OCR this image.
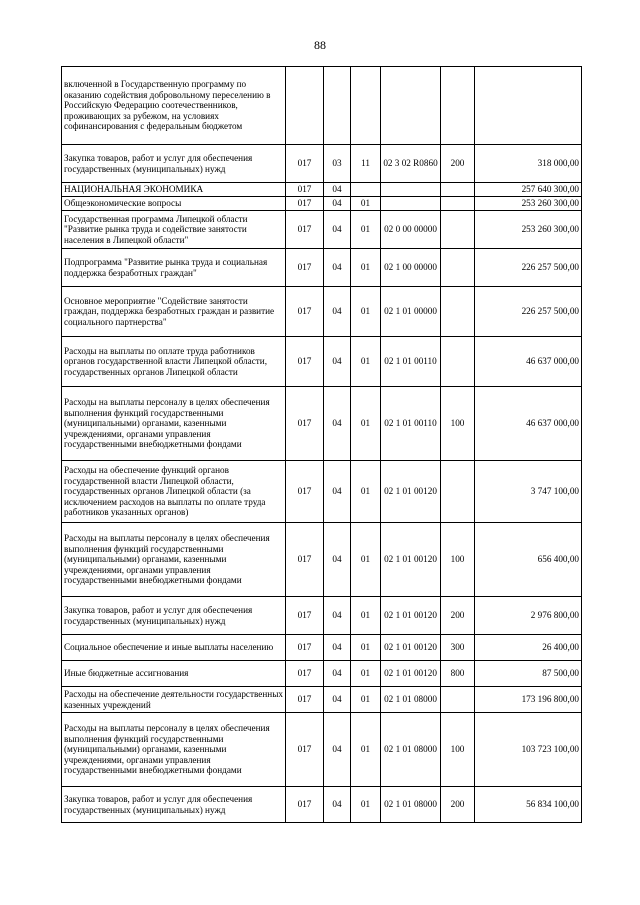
88
включенной в Государственную программу по оказанию содействия добровольному переселению в Российскую Федерацию соотечественников, проживающих за рубежом, на условиях софинансирования с федеральным бюджетом						
Закупка товаров, работ и услуг для обеспечения государственных (муниципальных) нужд	017	03	11	02 3 02 R0860	200	318 000,00
НАЦИОНАЛЬНАЯ ЭКОНОМИКА	017	04				257 640 300,00
Общеэкономические вопросы	017	04	01			253 260 300,00
Государственная программа Липецкой области "Развитие рынка труда и содействие занятости населения в Липецкой области"	017	04	01	02 0 00 00000		253 260 300,00
Подпрограмма "Развитие рынка труда и социальная поддержка безработных граждан"	017	04	01	02 1 00 00000		226 257 500,00
Основное мероприятие "Содействие занятости граждан, поддержка безработных граждан и развитие социального партнерства"	017	04	01	02 1 01 00000		226 257 500,00
Расходы на выплаты по оплате труда работников органов государственной власти Липецкой области, государственных органов Липецкой области	017	04	01	02 1 01 00110		46 637 000,00
Расходы на выплаты персоналу в целях обеспечения выполнения функций государственными (муниципальными) органами, казенными учреждениями, органами управления государственными внебюджетными фондами	017	04	01	02 1 01 00110	100	46 637 000,00
Расходы на обеспечение функций органов государственной власти Липецкой области, государственных органов Липецкой области (за исключением расходов на выплаты по оплате труда работников указанных органов)	017	04	01	02 1 01 00120		3 747 100,00
Расходы на выплаты персоналу в целях обеспечения выполнения функций государственными (муниципальными) органами, казенными учреждениями, органами управления государственными внебюджетными фондами	017	04	01	02 1 01 00120	100	656 400,00
Закупка товаров, работ и услуг для обеспечения государственных (муниципальных) нужд	017	04	01	02 1 01 00120	200	2 976 800,00
Социальное обеспечение и иные выплаты населению	017	04	01	02 1 01 00120	300	26 400,00
Иные бюджетные ассигнования	017	04	01	02 1 01 00120	800	87 500,00
Расходы на обеспечение деятельности государственных казенных учреждений	017	04	01	02 1 01 08000		173 196 800,00
Расходы на выплаты персоналу в целях обеспечения выполнения функций государственными (муниципальными) органами, казенными учреждениями, органами управления государственными внебюджетными фондами	017	04	01	02 1 01 08000	100	103 723 100,00
Закупка товаров, работ и услуг для обеспечения государственных (муниципальных) нужд	017	04	01	02 1 01 08000	200	56 834 100,00
